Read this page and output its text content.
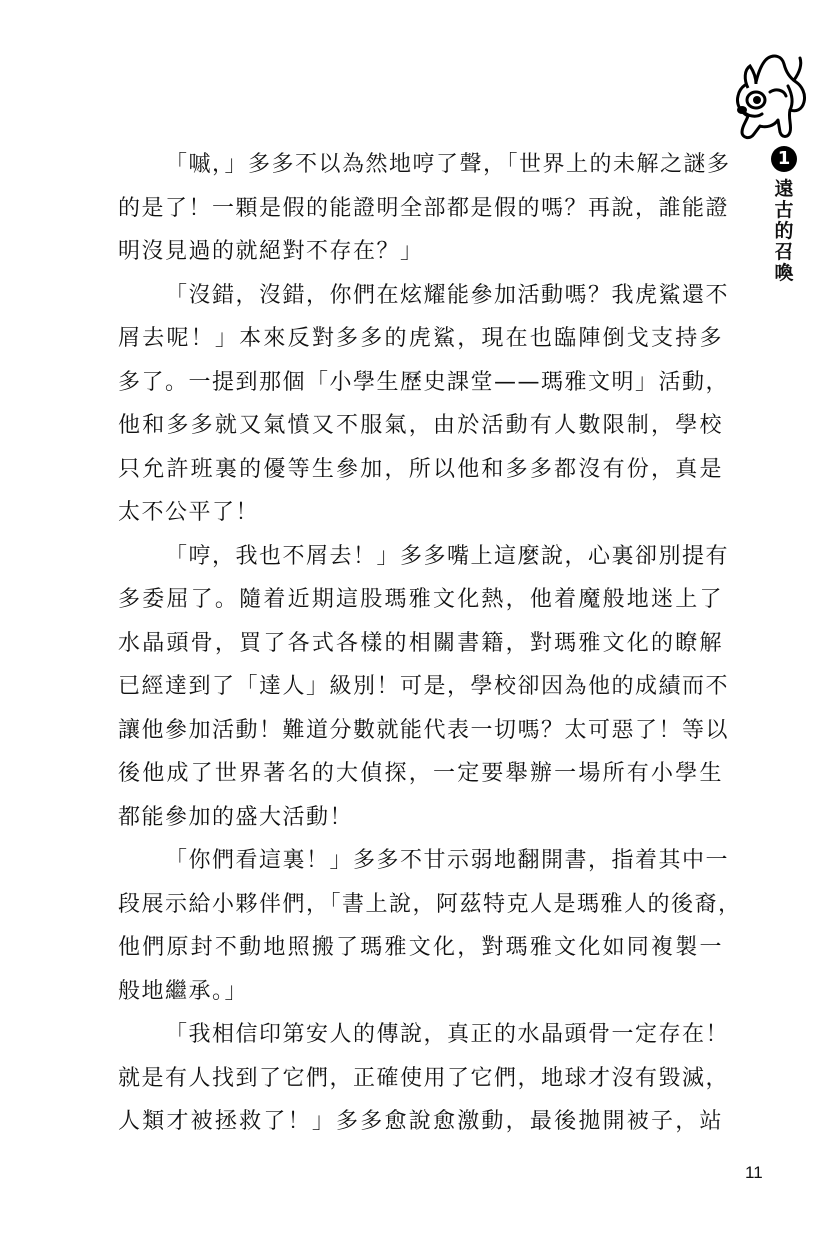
1
遠
古
的
召
喚
「嘁，」多多不以為然地哼了聲，「世界上的未解之謎多
的是了！一顆是假的能證明全部都是假的嗎？再說，誰能證
明沒見過的就絕對不存在？」
「沒錯，沒錯，你們在炫耀能參加活動嗎？我虎鯊還不
屑去呢！」本來反對多多的虎鯊，現在也臨陣倒戈支持多
多了。一提到那個「小學生歷史課堂——瑪雅文明」活動，
他和多多就又氣憤又不服氣，由於活動有人數限制，學校
只允許班裏的優等生參加，所以他和多多都沒有份，真是
太不公平了！
「哼，我也不屑去！」多多嘴上這麼說，心裏卻別提有
多委屈了。隨着近期這股瑪雅文化熱，他着魔般地迷上了
水晶頭骨，買了各式各樣的相關書籍，對瑪雅文化的瞭解
已經達到了「達人」級別！可是，學校卻因為他的成績而不
讓他參加活動！難道分數就能代表一切嗎？太可惡了！等以
後他成了世界著名的大偵探，一定要舉辦一場所有小學生
都能參加的盛大活動！
「你們看這裏！」多多不甘示弱地翻開書，指着其中一
段展示給小夥伴們，「書上說，阿茲特克人是瑪雅人的後裔，
他們原封不動地照搬了瑪雅文化，對瑪雅文化如同複製一
般地繼承。」
「我相信印第安人的傳說，真正的水晶頭骨一定存在！
就是有人找到了它們，正確使用了它們，地球才沒有毀滅，
人類才被拯救了！」多多愈說愈激動，最後拋開被子，站
11
